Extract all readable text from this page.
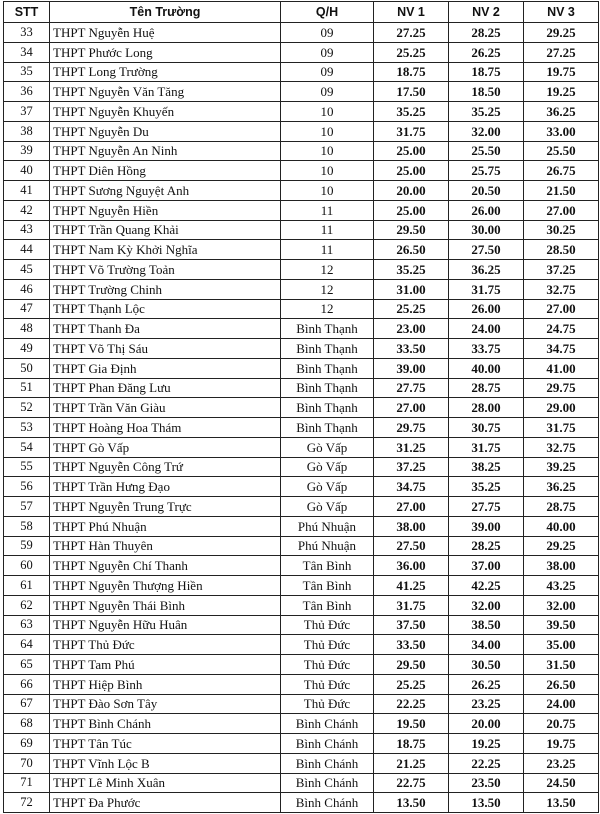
STT	Tên Trường	Q/H	NV 1	NV 2	NV 3
33	THPT Nguyễn Huệ	09	27.25	28.25	29.25
34	THPT Phước Long	09	25.25	26.25	27.25
35	THPT Long Trường	09	18.75	18.75	19.75
36	THPT Nguyễn Văn Tăng	09	17.50	18.50	19.25
37	THPT Nguyễn Khuyến	10	35.25	35.25	36.25
38	THPT Nguyễn Du	10	31.75	32.00	33.00
39	THPT Nguyễn An Ninh	10	25.00	25.50	25.50
40	THPT Diên Hồng	10	25.00	25.75	26.75
41	THPT Sương Nguyệt Anh	10	20.00	20.50	21.50
42	THPT Nguyễn Hiền	11	25.00	26.00	27.00
43	THPT Trần Quang Khải	11	29.50	30.00	30.25
44	THPT Nam Kỳ Khởi Nghĩa	11	26.50	27.50	28.50
45	THPT Võ Trường Toản	12	35.25	36.25	37.25
46	THPT Trường Chinh	12	31.00	31.75	32.75
47	THPT Thạnh Lộc	12	25.25	26.00	27.00
48	THPT Thanh Đa	Bình Thạnh	23.00	24.00	24.75
49	THPT Võ Thị Sáu	Bình Thạnh	33.50	33.75	34.75
50	THPT Gia Định	Bình Thạnh	39.00	40.00	41.00
51	THPT Phan Đăng Lưu	Bình Thạnh	27.75	28.75	29.75
52	THPT Trần Văn Giàu	Bình Thạnh	27.00	28.00	29.00
53	THPT Hoàng Hoa Thám	Bình Thạnh	29.75	30.75	31.75
54	THPT Gò Vấp	Gò Vấp	31.25	31.75	32.75
55	THPT Nguyễn Công Trứ	Gò Vấp	37.25	38.25	39.25
56	THPT Trần Hưng Đạo	Gò Vấp	34.75	35.25	36.25
57	THPT Nguyễn Trung Trực	Gò Vấp	27.00	27.75	28.75
58	THPT Phú Nhuận	Phú Nhuận	38.00	39.00	40.00
59	THPT Hàn Thuyên	Phú Nhuận	27.50	28.25	29.25
60	THPT Nguyễn Chí Thanh	Tân Bình	36.00	37.00	38.00
61	THPT Nguyễn Thượng Hiền	Tân Bình	41.25	42.25	43.25
62	THPT Nguyễn Thái Bình	Tân Bình	31.75	32.00	32.00
63	THPT Nguyễn Hữu Huân	Thủ Đức	37.50	38.50	39.50
64	THPT Thủ Đức	Thủ Đức	33.50	34.00	35.00
65	THPT Tam Phú	Thủ Đức	29.50	30.50	31.50
66	THPT Hiệp Bình	Thủ Đức	25.25	26.25	26.50
67	THPT Đào Sơn Tây	Thủ Đức	22.25	23.25	24.00
68	THPT Bình Chánh	Bình Chánh	19.50	20.00	20.75
69	THPT Tân Túc	Bình Chánh	18.75	19.25	19.75
70	THPT Vĩnh Lộc B	Bình Chánh	21.25	22.25	23.25
71	THPT Lê Minh Xuân	Bình Chánh	22.75	23.50	24.50
72	THPT Đa Phước	Bình Chánh	13.50	13.50	13.50
